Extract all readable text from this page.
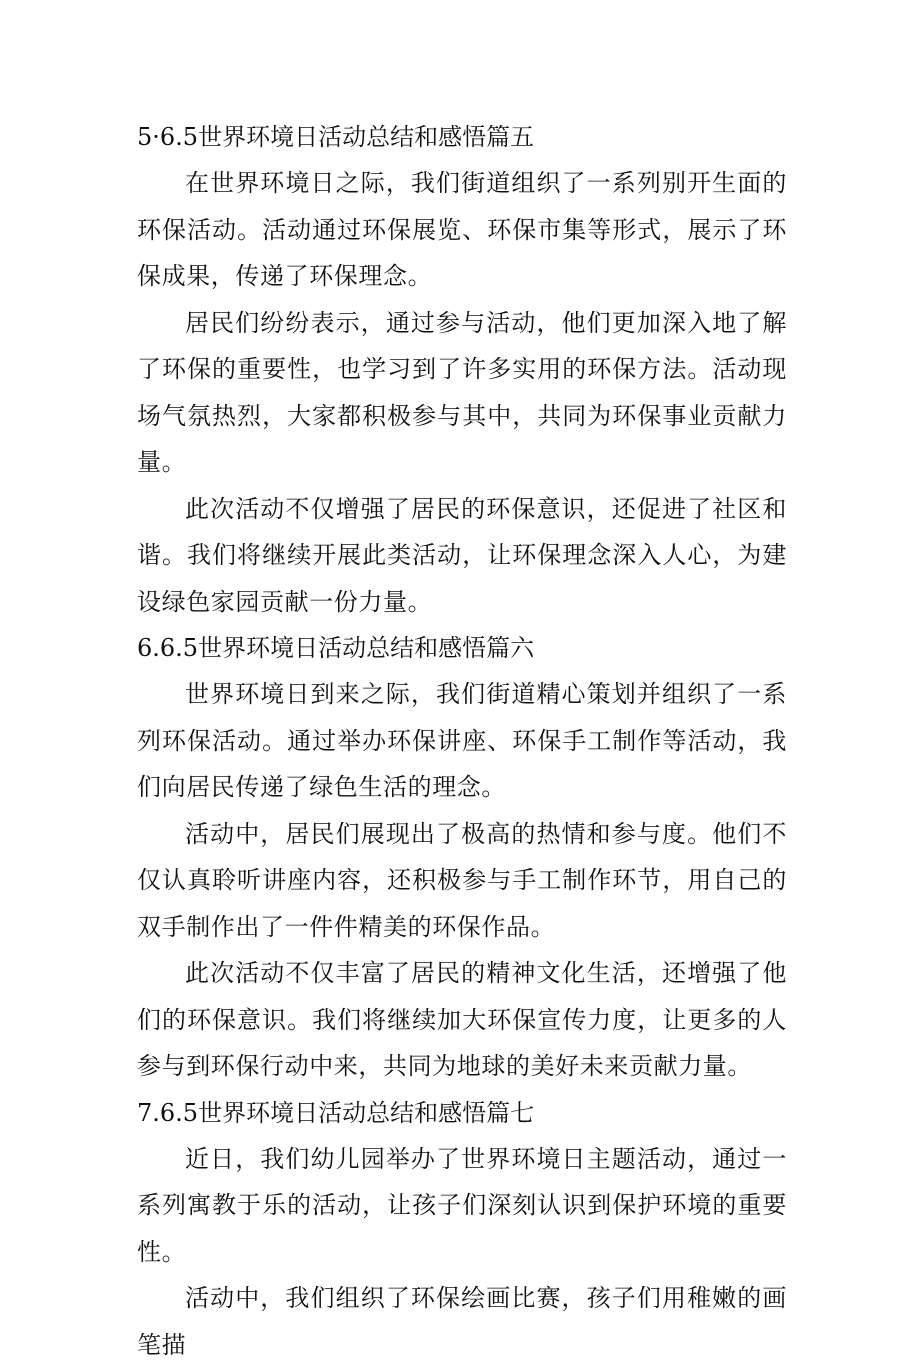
5·6.5世界环境日活动总结和感悟篇五

在世界环境日之际，我们街道组织了一系列别开生面的环保活动。活动通过环保展览、环保市集等形式，展示了环保成果，传递了环保理念。

居民们纷纷表示，通过参与活动，他们更加深入地了解了环保的重要性，也学习到了许多实用的环保方法。活动现场气氛热烈，大家都积极参与其中，共同为环保事业贡献力量。

此次活动不仅增强了居民的环保意识，还促进了社区和谐。我们将继续开展此类活动，让环保理念深入人心，为建设绿色家园贡献一份力量。

6.6.5世界环境日活动总结和感悟篇六

世界环境日到来之际，我们街道精心策划并组织了一系列环保活动。通过举办环保讲座、环保手工制作等活动，我们向居民传递了绿色生活的理念。

活动中，居民们展现出了极高的热情和参与度。他们不仅认真聆听讲座内容，还积极参与手工制作环节，用自己的双手制作出了一件件精美的环保作品。

此次活动不仅丰富了居民的精神文化生活，还增强了他们的环保意识。我们将继续加大环保宣传力度，让更多的人参与到环保行动中来，共同为地球的美好未来贡献力量。

7.6.5世界环境日活动总结和感悟篇七

近日，我们幼儿园举办了世界环境日主题活动，通过一系列寓教于乐的活动，让孩子们深刻认识到保护环境的重要性。

活动中，我们组织了环保绘画比赛，孩子们用稚嫩的画笔描
